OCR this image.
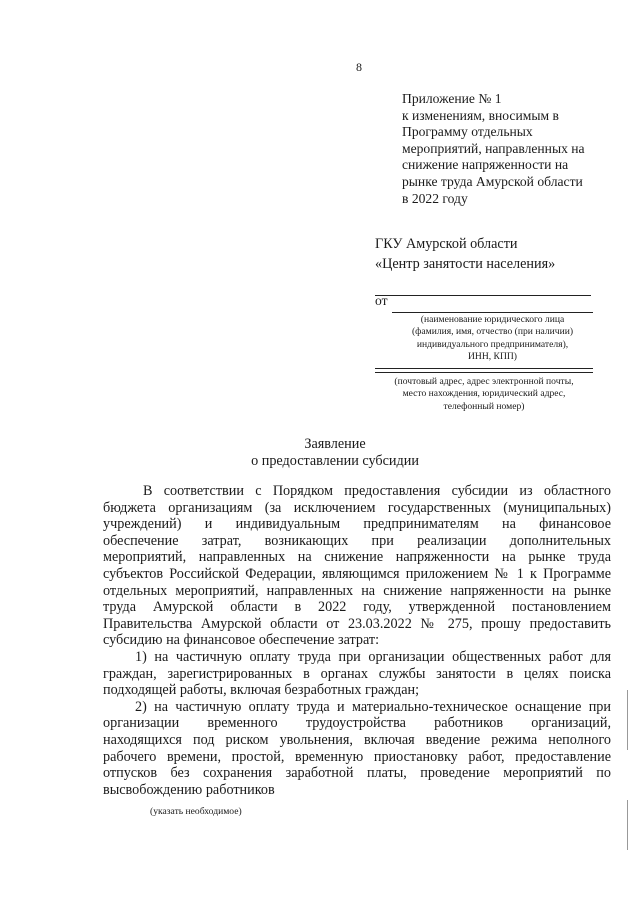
8
Приложение № 1
к изменениям, вносимым в
Программу отдельных
мероприятий, направленных на
снижение напряженности на
рынке труда Амурской области
в 2022 году
ГКУ Амурской области
«Центр занятости населения»
от
(наименование юридического лица
(фамилия, имя, отчество (при наличии)
индивидуального предпринимателя),
ИНН, КПП)
(почтовый адрес, адрес электронной почты,
место нахождения, юридический адрес,
телефонный номер)
Заявление
о предоставлении субсидии
В соответствии с Порядком предоставления субсидии из областного
бюджета организациям (за исключением государственных (муниципальных)
учреждений) и индивидуальным предпринимателям на финансовое
обеспечение затрат, возникающих при реализации дополнительных
мероприятий, направленных на снижение напряженности на рынке труда
субъектов Российской Федерации, являющимся приложением № 1 к Программе
отдельных мероприятий, направленных на снижение напряженности на рынке
труда Амурской области в 2022 году, утвержденной постановлением
Правительства Амурской области от 23.03.2022 № 275, прошу предоставить
субсидию на финансовое обеспечение затрат:
1) на частичную оплату труда при организации общественных работ для
граждан, зарегистрированных в органах службы занятости в целях поиска
подходящей работы, включая безработных граждан;
2) на частичную оплату труда и материально-техническое оснащение при
организации временного трудоустройства работников организаций,
находящихся под риском увольнения, включая введение режима неполного
рабочего времени, простой, временную приостановку работ, предоставление
отпусков без сохранения заработной платы, проведение мероприятий по
высвобождению работников
(указать необходимое)
